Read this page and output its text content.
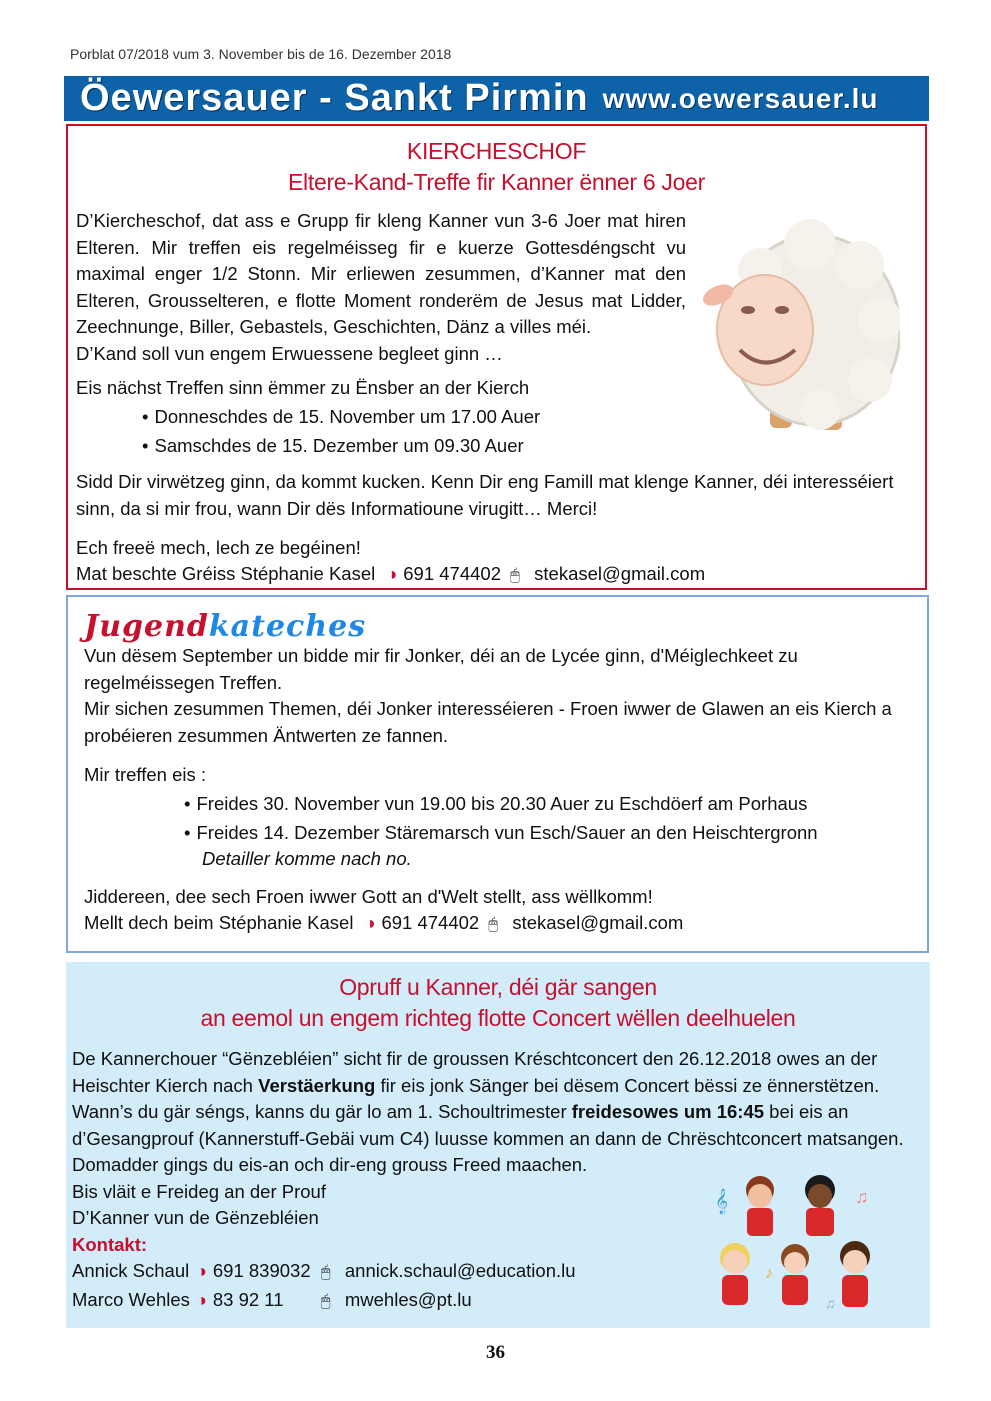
Porblat 07/2018 vum 3. November bis de 16. Dezember 2018
Öewersauer - Sankt Pirmin www.oewersauer.lu
KIERCHESCHOF
Eltere-Kand-Treffe fir Kanner ënner 6 Joer
D’Kiercheschof, dat ass e Grupp fir kleng Kanner vun 3-6 Joer mat hiren Elteren. Mir treffen eis regelméisseg fir e kuerze Gottesdéngscht vu maximal enger 1/2 Stonn. Mir erliewen zesummen, d’Kanner mat den Elteren, Grousselteren, e flotte Moment ronderëm de Jesus mat Lidder, Zeechnunge, Biller, Gebastels, Geschichten, Dänz a villes méi.
D’Kand soll vun engem Erwuessene begleet ginn …
Eis nächst Treffen sinn ëmmer zu Ënsber an der Kierch
• Donneschdes de 15. November um 17.00 Auer
• Samschdes de 15. Dezember um 09.30 Auer
Sidd Dir virwëtzeg ginn, da kommt kucken. Kenn Dir eng Famill mat klenge Kanner, déi interesséiert sinn, da si mir frou, wann Dir dës Informatioune virugitt… Merci!
Ech freeë mech, lech ze begéinen!
Mat beschte Gréiss Stéphanie Kasel ◑ 691 474402 🖱 stekasel@gmail.com
Jugendkateches
Vun dësem September un bidde mir fir Jonker, déi an de Lycée ginn, d'Méiglechkeet zu regelméissegen Treffen.
Mir sichen zesummen Themen, déi Jonker interesséieren - Froen iwwer de Glawen an eis Kierch a probéieren zesummen Äntwerten ze fannen.
Mir treffen eis :
• Freides 30. November vun 19.00 bis 20.30 Auer zu Eschdöerf am Porhaus
• Freides 14. Dezember Stäremarsch vun Esch/Sauer an den Heischtergronn
Detailler komme nach no.
Jiddereen, dee sech Froen iwwer Gott an d'Welt stellt, ass wëllkomm!
Mellt dech beim Stéphanie Kasel ◑ 691 474402 🖱 stekasel@gmail.com
Opruff u Kanner, déi gär sangen
an eemol un engem richteg flotte Concert wëllen deelhuelen
De Kannerchouer “Gënzebléien” sicht fir de groussen Kréschtconcert den 26.12.2018 owes an der
Heischter Kierch nach Verstäerkung fir eis jonk Sänger bei dësem Concert bëssi ze ënnerstëtzen.
Wann’s du gär séngs, kanns du gär lo am 1. Schoultrimester freidesowes um 16:45 bei eis an
d’Gesangprouf (Kannerstuff-Gebäi vum C4) luusse kommen an dann de Chrëschtconcert matsangen.
Domadder gings du eis-an och dir-eng grouss Freed maachen.
Bis vläit e Freideg an der Prouf
D’Kanner vun de Gënzebléien
Kontakt:
Annick Schaul ◑ 691 839032 🖱 annick.schaul@education.lu
Marco Wehles ◑ 83 92 11 🖱 mwehles@pt.lu
𝄞	♫
♪
♫
36
